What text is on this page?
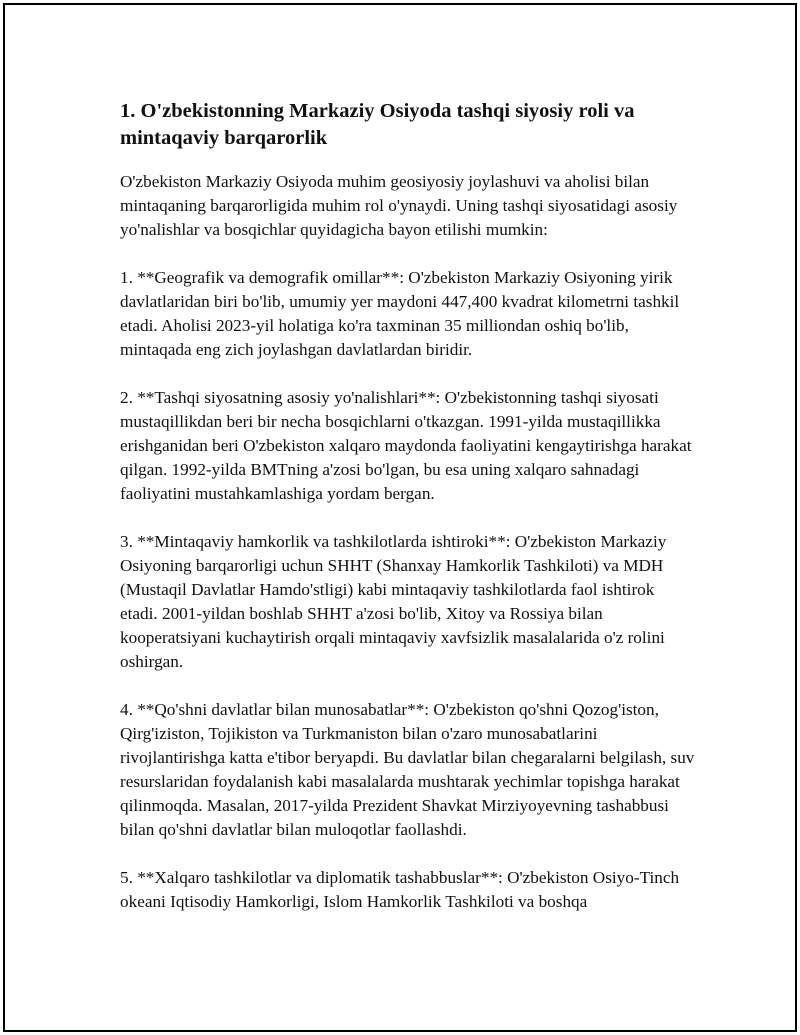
1. O'zbekistonning Markaziy Osiyoda tashqi siyosiy roli va mintaqaviy barqarorlik

O'zbekiston Markaziy Osiyoda muhim geosiyosiy joylashuvi va aholisi bilan mintaqaning barqarorligida muhim rol o'ynaydi. Uning tashqi siyosatidagi asosiy yo'nalishlar va bosqichlar quyidagicha bayon etilishi mumkin:

1. **Geografik va demografik omillar**: O'zbekiston Markaziy Osiyoning yirik davlatlaridan biri bo'lib, umumiy yer maydoni 447,400 kvadrat kilometrni tashkil etadi. Aholisi 2023-yil holatiga ko'ra taxminan 35 milliondan oshiq bo'lib, mintaqada eng zich joylashgan davlatlardan biridir.

2. **Tashqi siyosatning asosiy yo'nalishlari**: O'zbekistonning tashqi siyosati mustaqillikdan beri bir necha bosqichlarni o'tkazgan. 1991-yilda mustaqillikka erishganidan beri O'zbekiston xalqaro maydonda faoliyatini kengaytirishga harakat qilgan. 1992-yilda BMTning a'zosi bo'lgan, bu esa uning xalqaro sahnadagi faoliyatini mustahkamlashiga yordam bergan.

3. **Mintaqaviy hamkorlik va tashkilotlarda ishtiroki**: O'zbekiston Markaziy Osiyoning barqarorligi uchun SHHT (Shanxay Hamkorlik Tashkiloti) va MDH (Mustaqil Davlatlar Hamdo'stligi) kabi mintaqaviy tashkilotlarda faol ishtirok etadi. 2001-yildan boshlab SHHT a'zosi bo'lib, Xitoy va Rossiya bilan kooperatsiyani kuchaytirish orqali mintaqaviy xavfsizlik masalalarida o'z rolini oshirgan.

4. **Qo'shni davlatlar bilan munosabatlar**: O'zbekiston qo'shni Qozog'iston, Qirg'iziston, Tojikiston va Turkmaniston bilan o'zaro munosabatlarini rivojlantirishga katta e'tibor beryapdi. Bu davlatlar bilan chegaralarni belgilash, suv resurslaridan foydalanish kabi masalalarda mushtarak yechimlar topishga harakat qilinmoqda. Masalan, 2017-yilda Prezident Shavkat Mirziyoyevning tashabbusi bilan qo'shni davlatlar bilan muloqotlar faollashdi.

5. **Xalqaro tashkilotlar va diplomatik tashabbuslar**: O'zbekiston Osiyo-Tinch okeani Iqtisodiy Hamkorligi, Islom Hamkorlik Tashkiloti va boshqa
